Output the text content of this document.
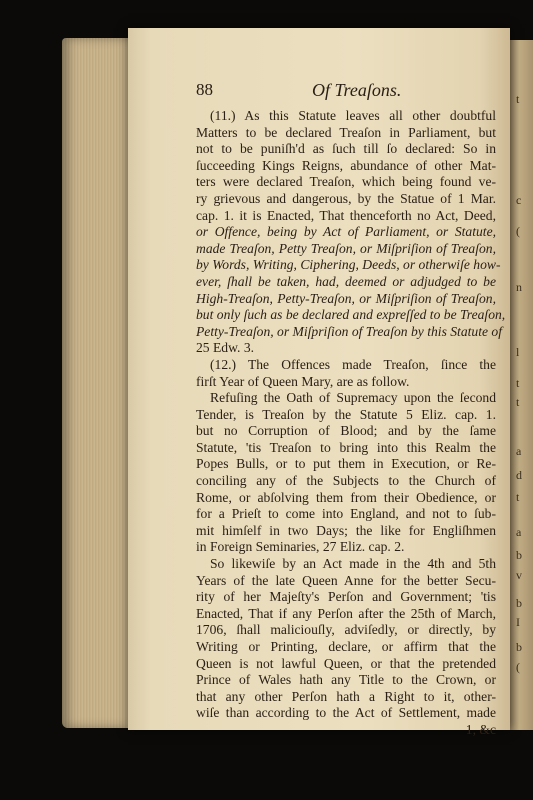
t
c
(
n
l
t
t
a
d
t
a
b
v
b
I
b
(
88	Of Treaſons.
(11.) As this Statute leaves all other doubtful
Matters to be declared Treaſon in Parliament, but
not to be puniſh'd as ſuch till ſo declared: So in
ſucceeding Kings Reigns, abundance of other Mat-
ters were declared Treaſon, which being found ve-
ry grievous and dangerous, by the Statue of 1 Mar.
cap. 1. it is Enacted, That thenceforth no Act, Deed,
or Offence, being by Act of Parliament, or Statute,
made Treaſon, Petty Treaſon, or Miſpriſion of Treaſon,
by Words, Writing, Ciphering, Deeds, or otherwiſe how-
ever, ſhall be taken, had, deemed or adjudged to be
High-Treaſon, Petty-Treaſon, or Miſpriſion of Treaſon,
but only ſuch as be declared and expreſſed to be Treaſon,
Petty-Treaſon, or Miſpriſion of Treaſon by this Statute of
25 Edw. 3.
(12.) The Offences made Treaſon, ſince the
firſt Year of Queen Mary, are as follow.
Refuſing the Oath of Supremacy upon the ſecond
Tender, is Treaſon by the Statute 5 Eliz. cap. 1.
but no Corruption of Blood; and by the ſame
Statute, 'tis Treaſon to bring into this Realm the
Popes Bulls, or to put them in Execution, or Re-
conciling any of the Subjects to the Church of
Rome, or abſolving them from their Obedience, or
for a Prieſt to come into England, and not to ſub-
mit himſelf in two Days; the like for Engliſhmen
in Foreign Seminaries, 27 Eliz. cap. 2.
So likewiſe by an Act made in the 4th and 5th
Years of the late Queen Anne for the better Secu-
rity of her Majeſty's Perſon and Government; 'tis
Enacted, That if any Perſon after the 25th of March,
1706, ſhall maliciouſly, adviſedly, or directly, by
Writing or Printing, declare, or affirm that the
Queen is not lawful Queen, or that the pretended
Prince of Wales hath any Title to the Crown, or
that any other Perſon hath a Right to it, other-
wiſe than according to the Act of Settlement, made
1, &c
